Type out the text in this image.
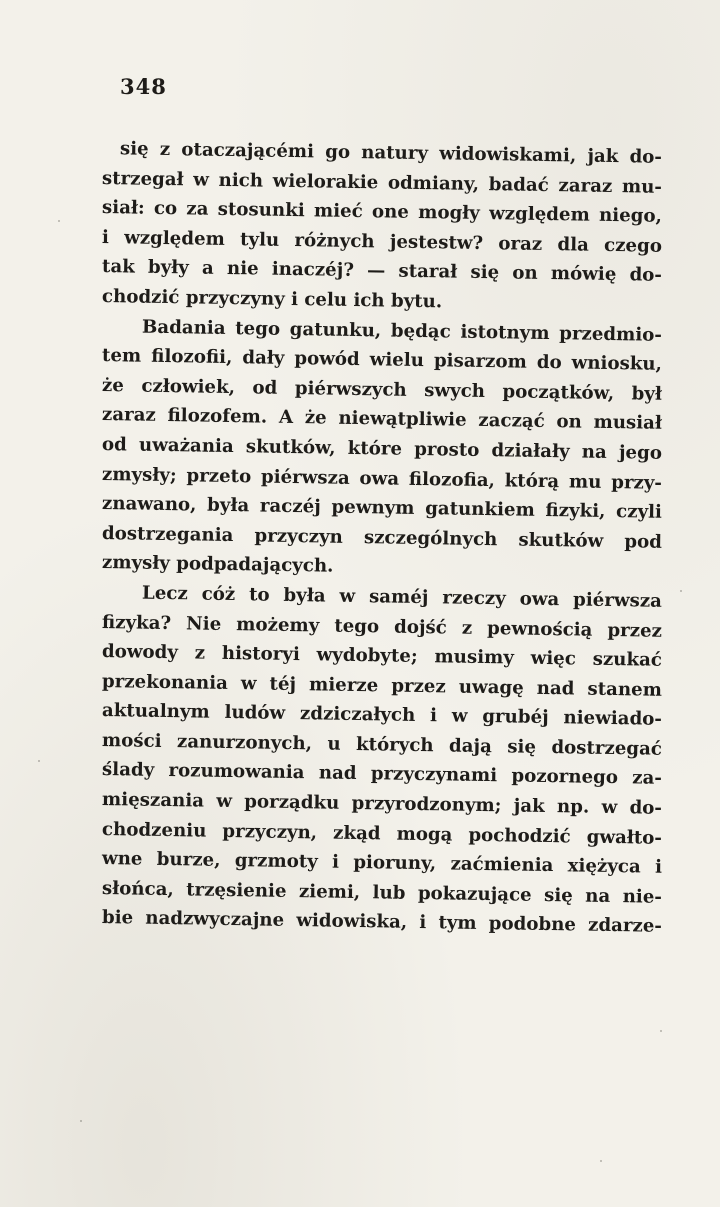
348
się z otaczającémi go natury widowiskami, jak do-
strzegał w nich wielorakie odmiany, badać zaraz mu-
siał: co za stosunki mieć one mogły względem niego,
i względem tylu różnych jestestw? oraz dla czego
tak były a nie inaczéj? — starał się on mówię do-
chodzić przyczyny i celu ich bytu.
Badania tego gatunku, będąc istotnym przedmio-
tem filozofii, dały powód wielu pisarzom do wniosku,
że człowiek, od piérwszych swych początków, był
zaraz filozofem. A że niewątpliwie zacząć on musiał
od uważania skutków, które prosto działały na jego
zmysły; przeto piérwsza owa filozofia, którą mu przy-
znawano, była raczéj pewnym gatunkiem fizyki, czyli
dostrzegania przyczyn szczególnych skutków pod
zmysły podpadających.
Lecz cóż to była w saméj rzeczy owa piérwsza
fizyka? Nie możemy tego dojść z pewnością przez
dowody z historyi wydobyte; musimy więc szukać
przekonania w téj mierze przez uwagę nad stanem
aktualnym ludów zdziczałych i w grubéj niewiado-
mości zanurzonych, u których dają się dostrzegać
ślady rozumowania nad przyczynami pozornego za-
mięszania w porządku przyrodzonym; jak np. w do-
chodzeniu przyczyn, zkąd mogą pochodzić gwałto-
wne burze, grzmoty i pioruny, zaćmienia xiężyca i
słońca, trzęsienie ziemi, lub pokazujące się na nie-
bie nadzwyczajne widowiska, i tym podobne zdarze-
